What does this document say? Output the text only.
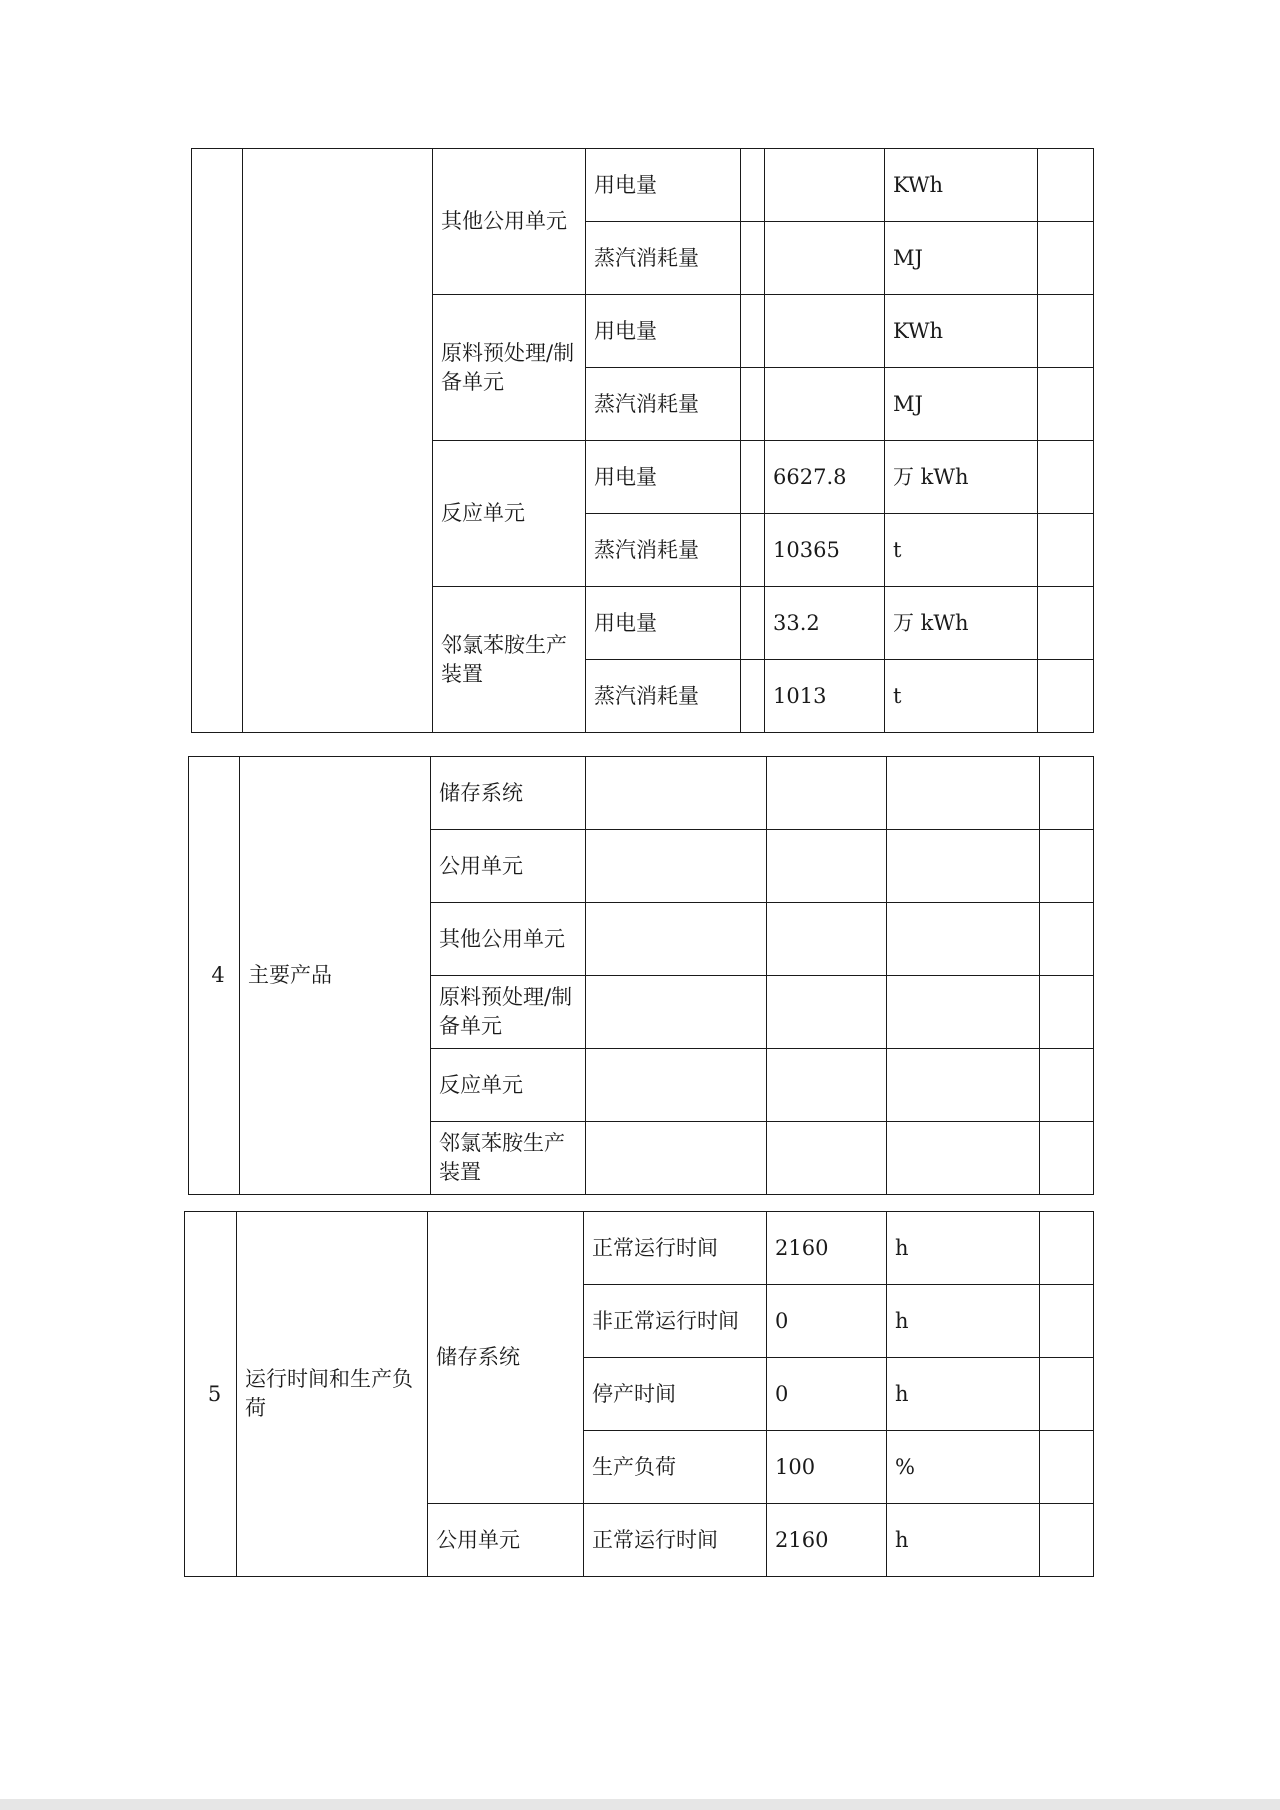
		其他公用单元	用电量			KWh	
			蒸汽消耗量			MJ	
		原料预处理/制备单元	用电量			KWh	
			蒸汽消耗量			MJ	
		反应单元	用电量		6627.8	万 kWh	
			蒸汽消耗量		10365	t	
		邻氯苯胺生产装置	用电量		33.2	万 kWh	
			蒸汽消耗量		1013	t	
4	主要产品	储存系统				
		公用单元				
		其他公用单元				
		原料预处理/制备单元				
		反应单元				
		邻氯苯胺生产装置				
5	运行时间和生产负荷	储存系统	正常运行时间	2160	h	
			非正常运行时间	0	h	
			停产时间	0	h	
			生产负荷	100	%	
		公用单元	正常运行时间	2160	h	
